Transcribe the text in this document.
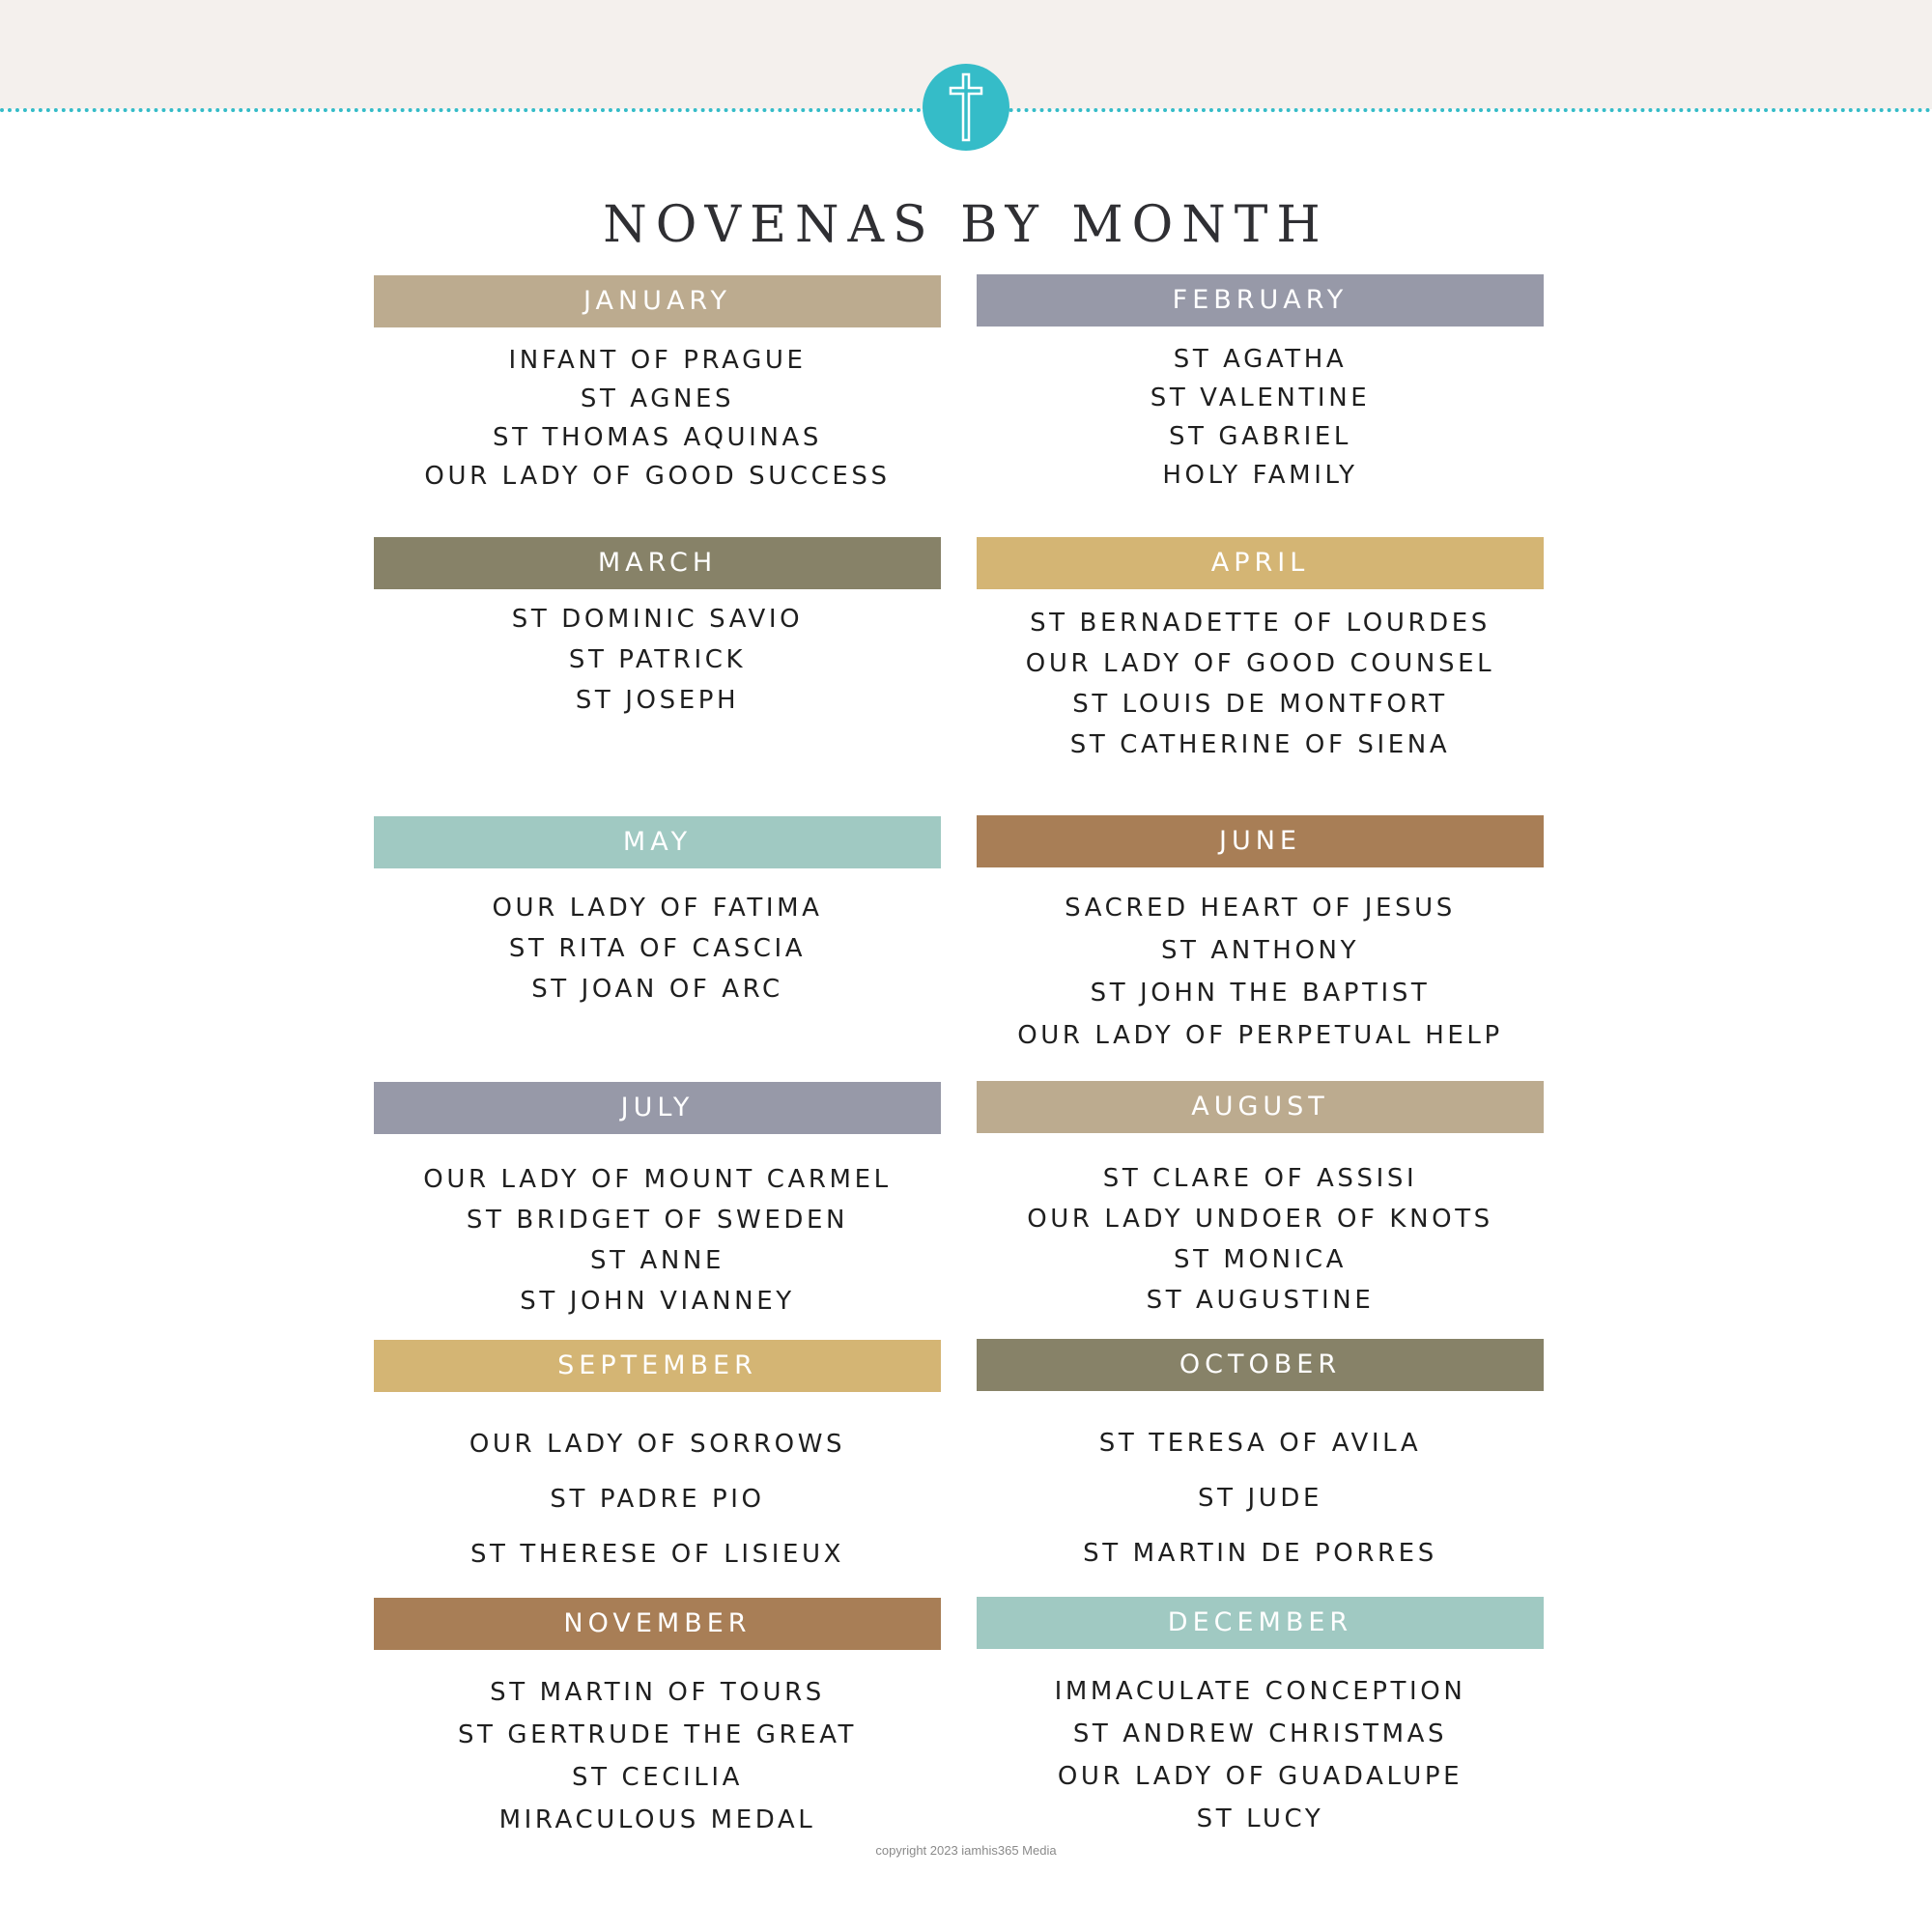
NOVENAS BY MONTH
JANUARY
INFANT OF PRAGUE
ST AGNES
ST THOMAS AQUINAS
OUR LADY OF GOOD SUCCESS
FEBRUARY
ST AGATHA
ST VALENTINE
ST GABRIEL
HOLY FAMILY
MARCH
ST DOMINIC SAVIO
ST PATRICK
ST JOSEPH
APRIL
ST BERNADETTE OF LOURDES
OUR LADY OF GOOD COUNSEL
ST LOUIS DE MONTFORT
ST CATHERINE OF SIENA
MAY
OUR LADY OF FATIMA
ST RITA OF CASCIA
ST JOAN OF ARC
JUNE
SACRED HEART OF JESUS
ST ANTHONY
ST JOHN THE BAPTIST
OUR LADY OF PERPETUAL HELP
JULY
OUR LADY OF MOUNT CARMEL
ST BRIDGET OF SWEDEN
ST ANNE
ST JOHN VIANNEY
AUGUST
ST CLARE OF ASSISI
OUR LADY UNDOER OF KNOTS
ST MONICA
ST AUGUSTINE
SEPTEMBER
OUR LADY OF SORROWS
ST PADRE PIO
ST THERESE OF LISIEUX
OCTOBER
ST TERESA OF AVILA
ST JUDE
ST MARTIN DE PORRES
NOVEMBER
ST MARTIN OF TOURS
ST GERTRUDE THE GREAT
ST CECILIA
MIRACULOUS MEDAL
DECEMBER
IMMACULATE CONCEPTION
ST ANDREW CHRISTMAS
OUR LADY OF GUADALUPE
ST LUCY
copyright 2023 iamhis365 Media
